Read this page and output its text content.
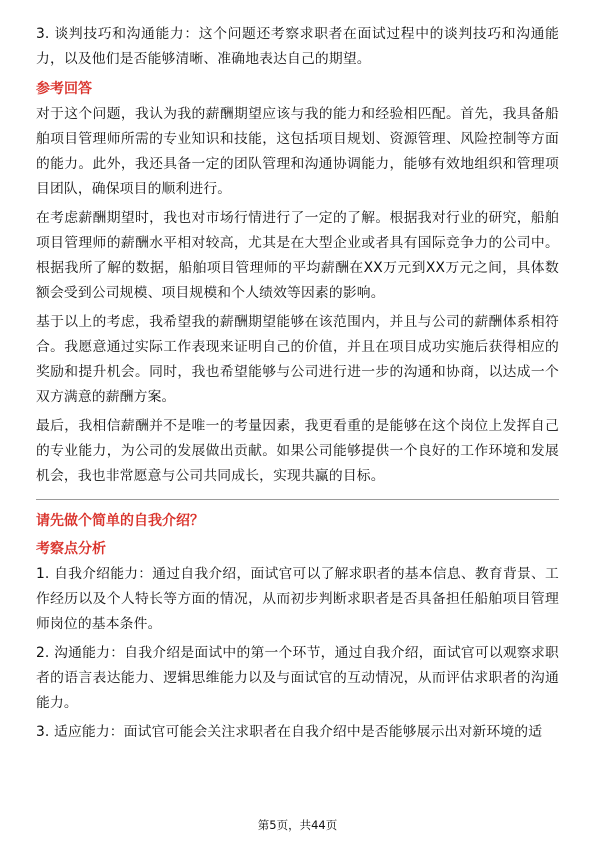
3. 谈判技巧和沟通能力：这个问题还考察求职者在面试过程中的谈判技巧和沟通能力，以及他们是否能够清晰、准确地表达自己的期望。

参考回答

对于这个问题，我认为我的薪酬期望应该与我的能力和经验相匹配。首先，我具备船舶项目管理师所需的专业知识和技能，这包括项目规划、资源管理、风险控制等方面的能力。此外，我还具备一定的团队管理和沟通协调能力，能够有效地组织和管理项目团队，确保项目的顺利进行。

在考虑薪酬期望时，我也对市场行情进行了一定的了解。根据我对行业的研究，船舶项目管理师的薪酬水平相对较高，尤其是在大型企业或者具有国际竞争力的公司中。根据我所了解的数据，船舶项目管理师的平均薪酬在XX万元到XX万元之间，具体数额会受到公司规模、项目规模和个人绩效等因素的影响。

基于以上的考虑，我希望我的薪酬期望能够在该范围内，并且与公司的薪酬体系相符合。我愿意通过实际工作表现来证明自己的价值，并且在项目成功实施后获得相应的奖励和提升机会。同时，我也希望能够与公司进行进一步的沟通和协商，以达成一个双方满意的薪酬方案。

最后，我相信薪酬并不是唯一的考量因素，我更看重的是能够在这个岗位上发挥自己的专业能力，为公司的发展做出贡献。如果公司能够提供一个良好的工作环境和发展机会，我也非常愿意与公司共同成长，实现共赢的目标。

请先做个简单的自我介绍？
考察点分析

1. 自我介绍能力：通过自我介绍，面试官可以了解求职者的基本信息、教育背景、工作经历以及个人特长等方面的情况，从而初步判断求职者是否具备担任船舶项目管理师岗位的基本条件。

2. 沟通能力：自我介绍是面试中的第一个环节，通过自我介绍，面试官可以观察求职者的语言表达能力、逻辑思维能力以及与面试官的互动情况，从而评估求职者的沟通能力。

3. 适应能力：面试官可能会关注求职者在自我介绍中是否能够展示出对新环境的适

第5页，共44页
